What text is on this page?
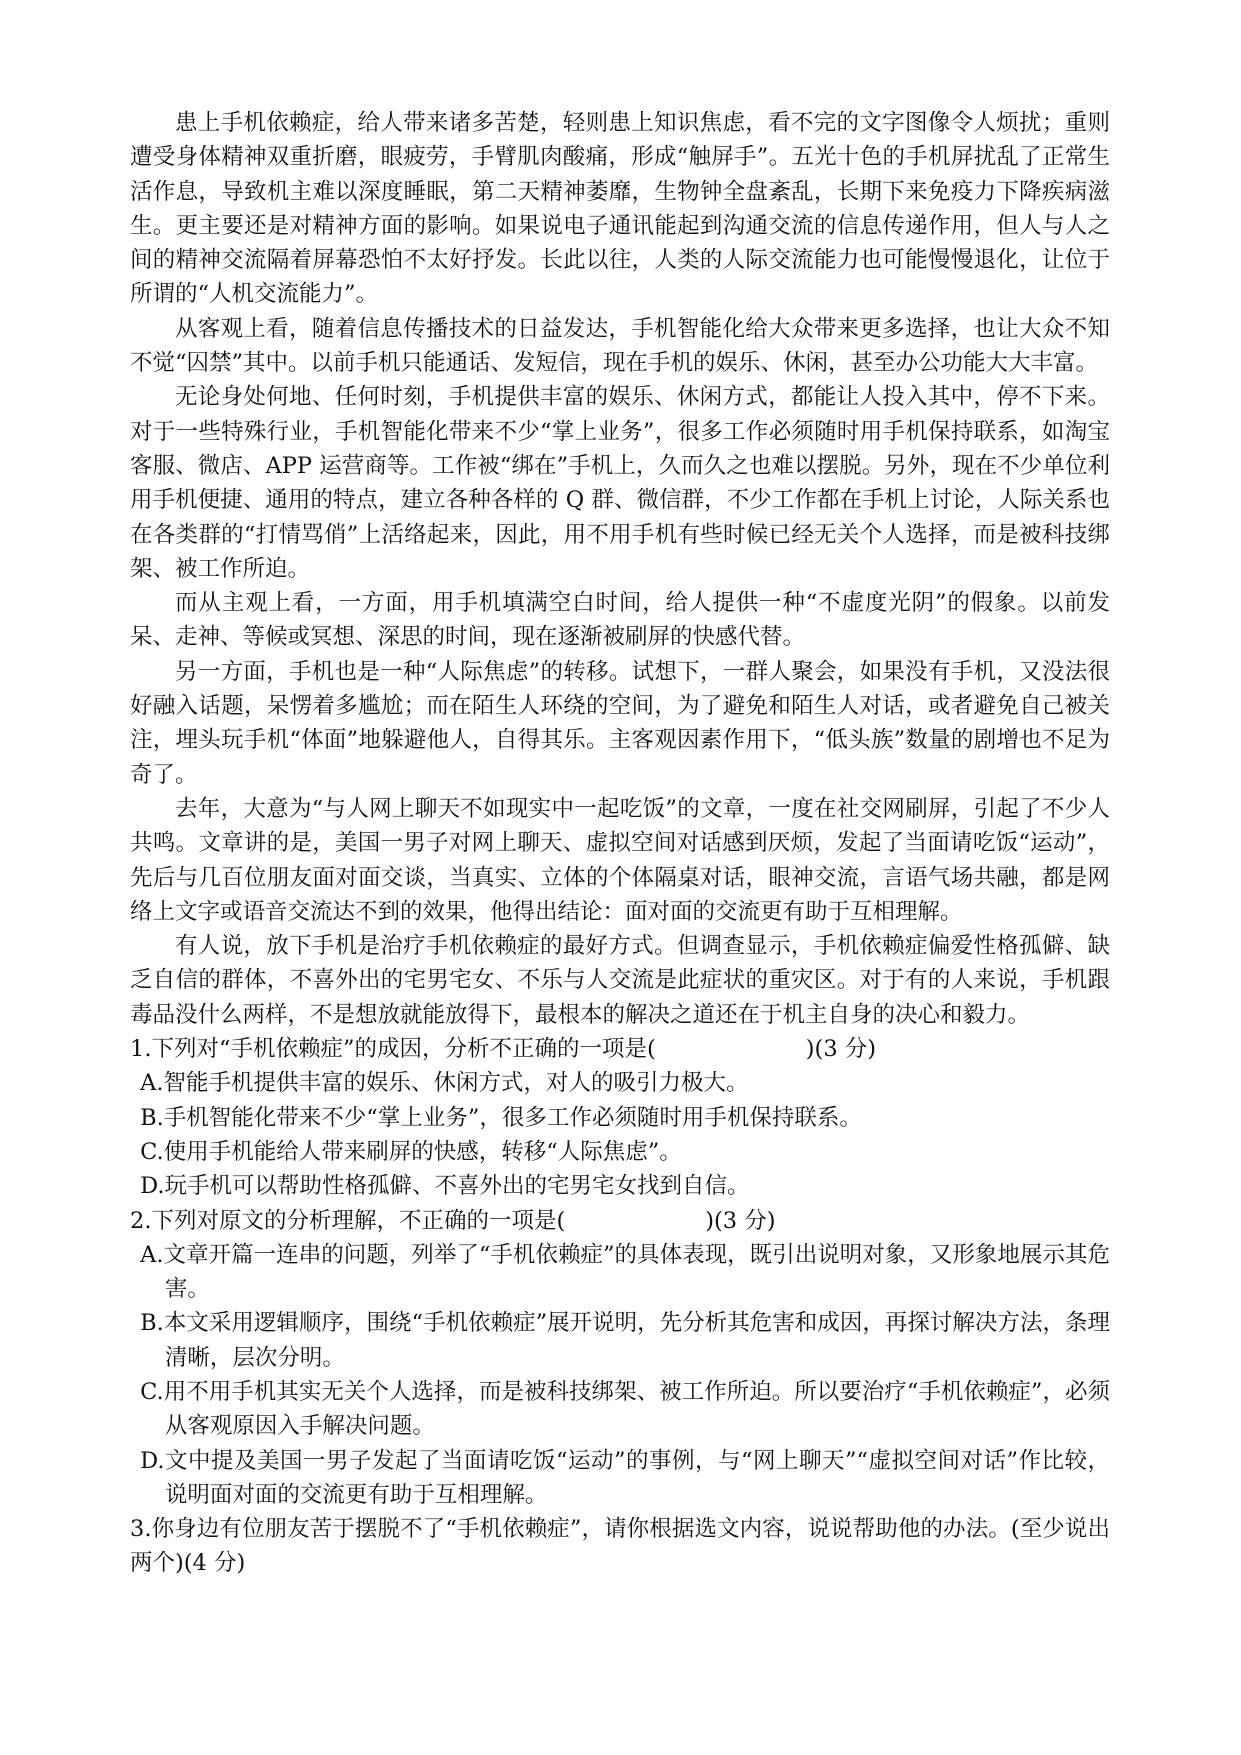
患上手机依赖症，给人带来诸多苦楚，轻则患上知识焦虑，看不完的文字图像令人烦扰；重则遭受身体精神双重折磨，眼疲劳，手臂肌肉酸痛，形成“触屏手”。五光十色的手机屏扰乱了正常生活作息，导致机主难以深度睡眠，第二天精神萎靡，生物钟全盘紊乱，长期下来免疫力下降疾病滋生。更主要还是对精神方面的影响。如果说电子通讯能起到沟通交流的信息传递作用，但人与人之间的精神交流隔着屏幕恐怕不太好抒发。长此以往，人类的人际交流能力也可能慢慢退化，让位于所谓的“人机交流能力”。

从客观上看，随着信息传播技术的日益发达，手机智能化给大众带来更多选择，也让大众不知不觉“囚禁”其中。以前手机只能通话、发短信，现在手机的娱乐、休闲，甚至办公功能大大丰富。

无论身处何地、任何时刻，手机提供丰富的娱乐、休闲方式，都能让人投入其中，停不下来。对于一些特殊行业，手机智能化带来不少“掌上业务”，很多工作必须随时用手机保持联系，如淘宝客服、微店、APP 运营商等。工作被“绑在”手机上，久而久之也难以摆脱。另外，现在不少单位利用手机便捷、通用的特点，建立各种各样的 Q 群、微信群，不少工作都在手机上讨论，人际关系也在各类群的“打情骂俏”上活络起来，因此，用不用手机有些时候已经无关个人选择，而是被科技绑架、被工作所迫。

而从主观上看，一方面，用手机填满空白时间，给人提供一种“不虚度光阴”的假象。以前发呆、走神、等候或冥想、深思的时间，现在逐渐被刷屏的快感代替。

另一方面，手机也是一种“人际焦虑”的转移。试想下，一群人聚会，如果没有手机，又没法很好融入话题，呆愣着多尴尬；而在陌生人环绕的空间，为了避免和陌生人对话，或者避免自己被关注，埋头玩手机“体面”地躲避他人，自得其乐。主客观因素作用下，“低头族”数量的剧增也不足为奇了。

去年，大意为“与人网上聊天不如现实中一起吃饭”的文章，一度在社交网刷屏，引起了不少人共鸣。文章讲的是，美国一男子对网上聊天、虚拟空间对话感到厌烦，发起了当面请吃饭“运动”，先后与几百位朋友面对面交谈，当真实、立体的个体隔桌对话，眼神交流，言语气场共融，都是网络上文字或语音交流达不到的效果，他得出结论：面对面的交流更有助于互相理解。

有人说，放下手机是治疗手机依赖症的最好方式。但调查显示，手机依赖症偏爱性格孤僻、缺乏自信的群体，不喜外出的宅男宅女、不乐与人交流是此症状的重灾区。对于有的人来说，手机跟毒品没什么两样，不是想放就能放得下，最根本的解决之道还在于机主自身的决心和毅力。

1.下列对“手机依赖症”的成因，分析不正确的一项是(	)(3 分)

A.智能手机提供丰富的娱乐、休闲方式，对人的吸引力极大。

B.手机智能化带来不少“掌上业务”，很多工作必须随时用手机保持联系。

C.使用手机能给人带来刷屏的快感，转移“人际焦虑”。

D.玩手机可以帮助性格孤僻、不喜外出的宅男宅女找到自信。

2.下列对原文的分析理解，不正确的一项是(	)(3 分)

A.文章开篇一连串的问题，列举了“手机依赖症”的具体表现，既引出说明对象，又形象地展示其危害。

B.本文采用逻辑顺序，围绕“手机依赖症”展开说明，先分析其危害和成因，再探讨解决方法，条理清晰，层次分明。

C.用不用手机其实无关个人选择，而是被科技绑架、被工作所迫。所以要治疗“手机依赖症”，必须从客观原因入手解决问题。

D.文中提及美国一男子发起了当面请吃饭“运动”的事例，与“网上聊天”“虚拟空间对话”作比较，说明面对面的交流更有助于互相理解。

3.你身边有位朋友苦于摆脱不了“手机依赖症”，请你根据选文内容，说说帮助他的办法。(至少说出两个)(4 分)
